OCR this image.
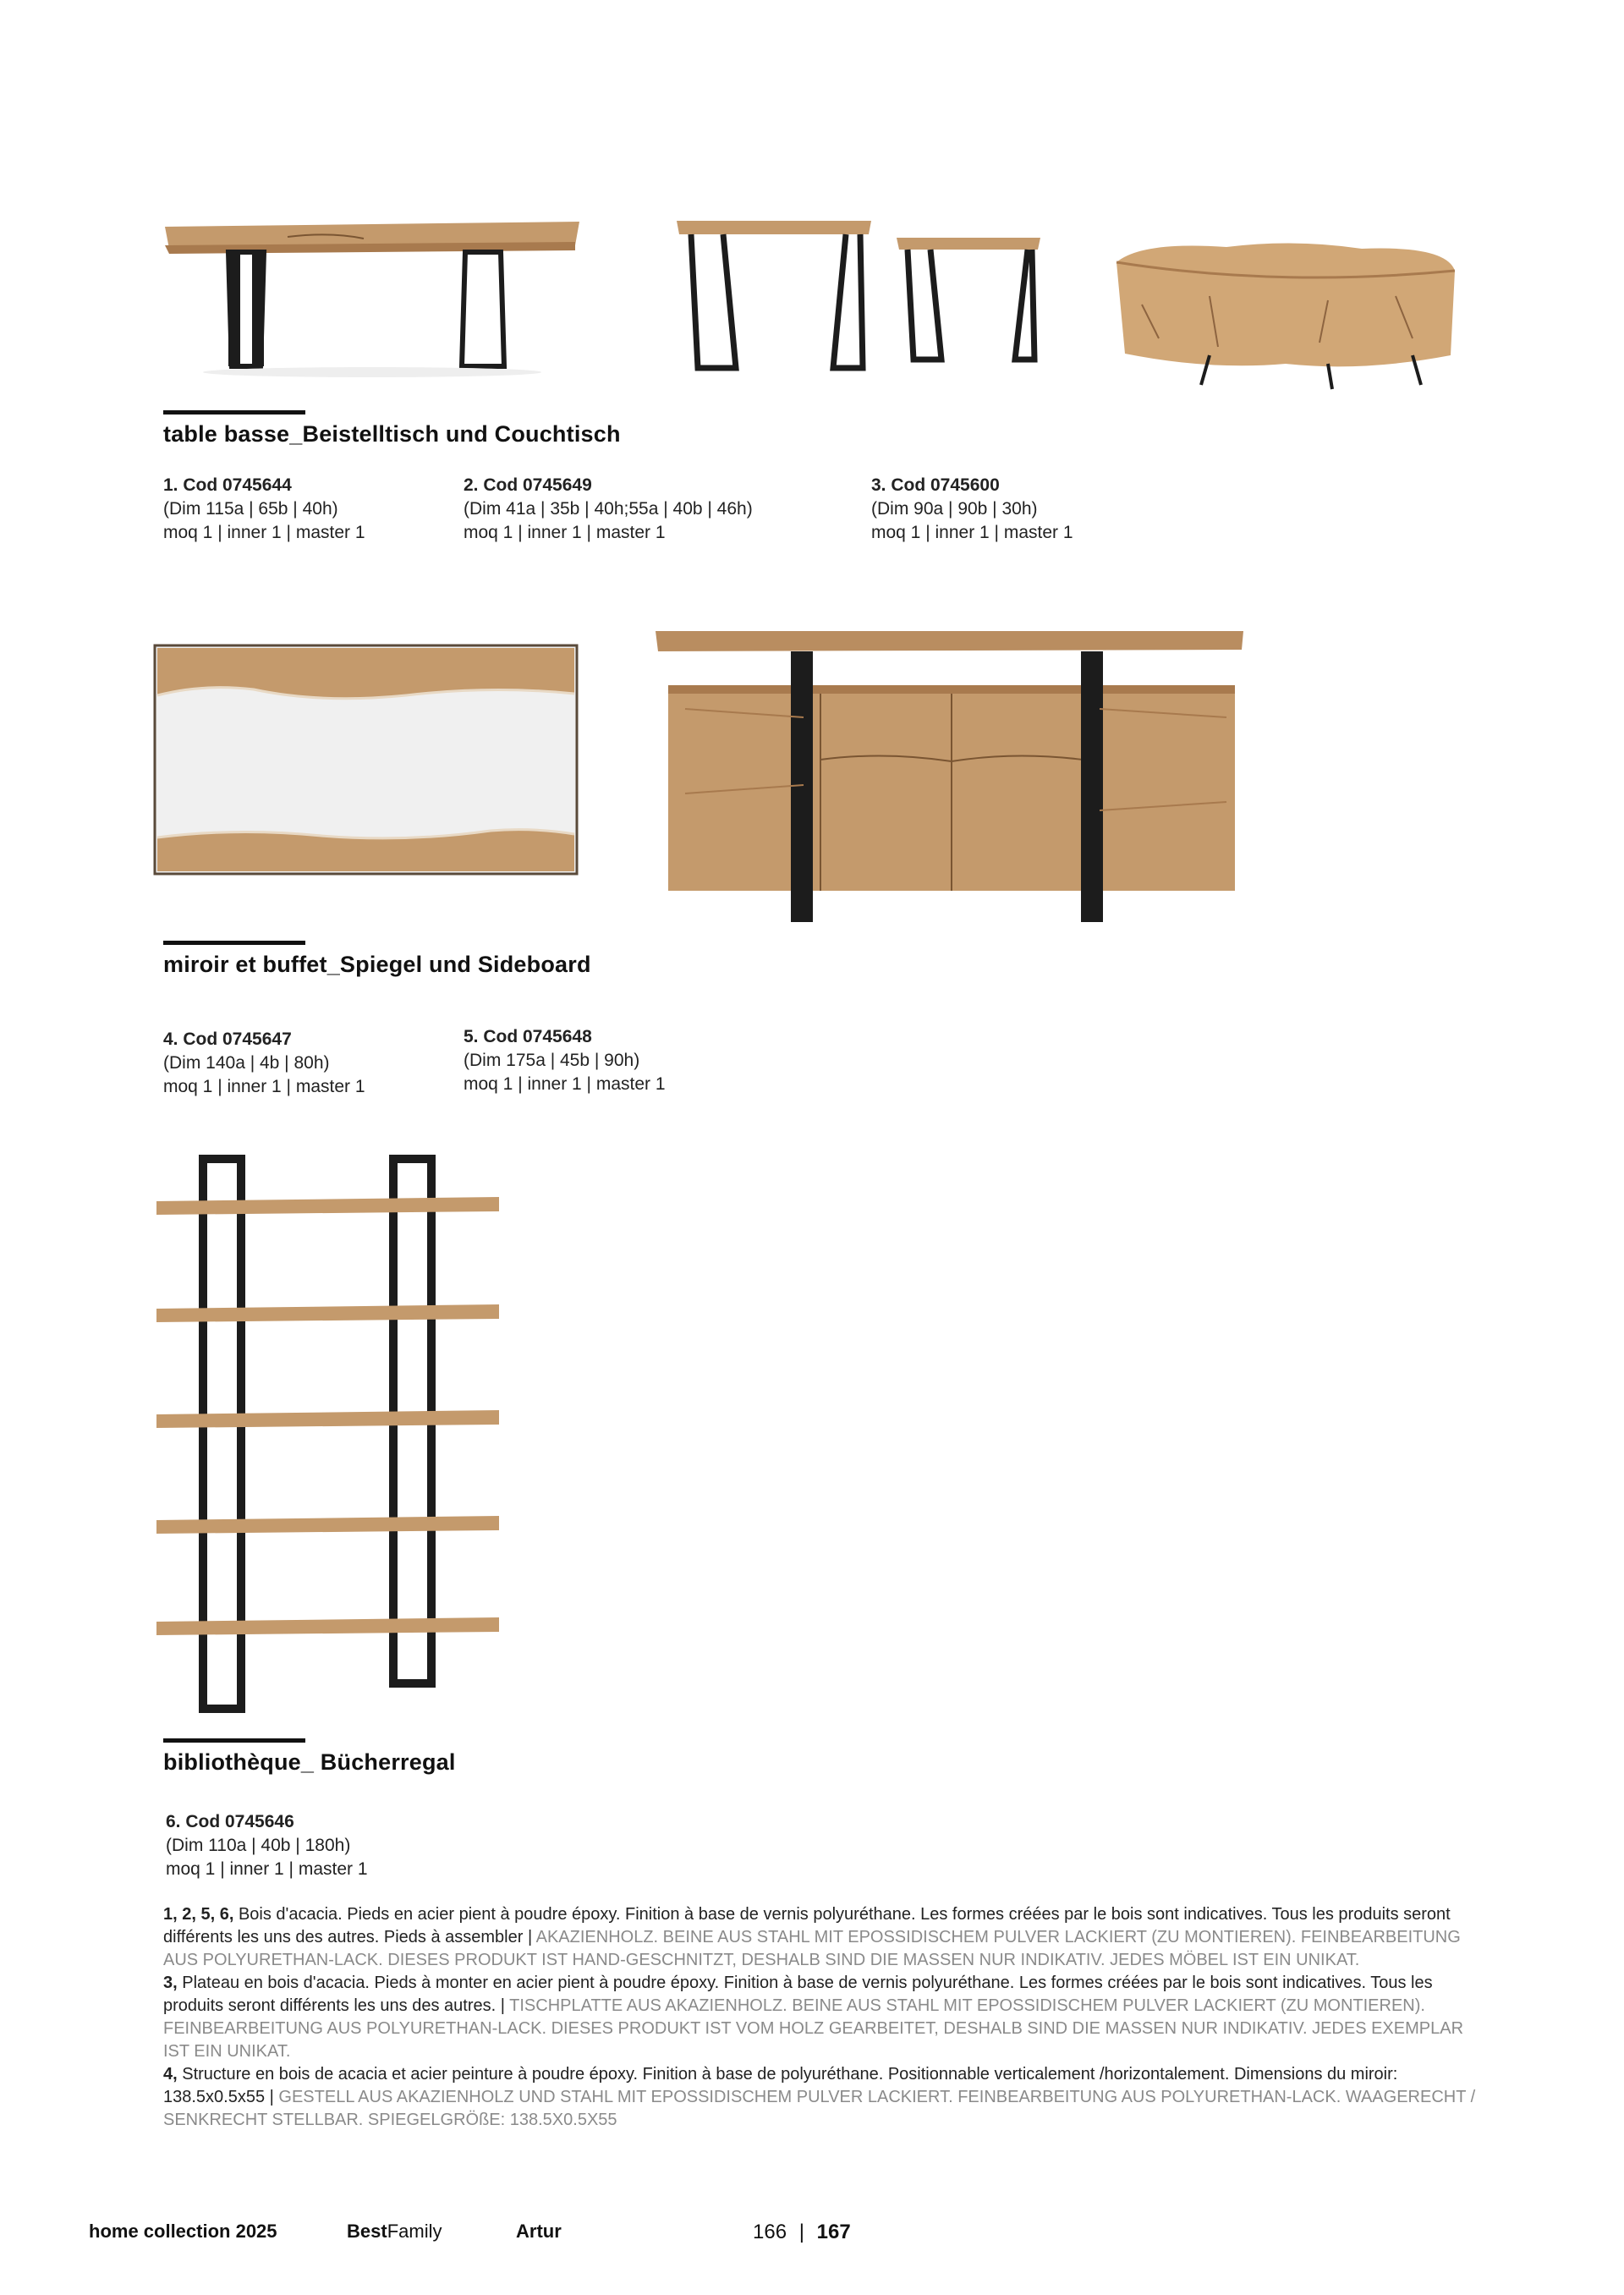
table basse_Beistelltisch und Couchtisch
1. Cod 0745644
(Dim 115a | 65b | 40h)
moq 1 | inner 1 | master 1
2. Cod 0745649
(Dim 41a | 35b | 40h;55a | 40b | 46h)
moq 1 | inner 1 | master 1
3. Cod 0745600
(Dim 90a | 90b | 30h)
moq 1 | inner 1 | master 1
miroir et buffet_Spiegel und Sideboard
4. Cod 0745647
(Dim 140a | 4b | 80h)
moq 1 | inner 1 | master 1
5. Cod 0745648
(Dim 175a | 45b | 90h)
moq 1 | inner 1 | master 1
bibliothèque_ Bücherregal
6. Cod 0745646
(Dim 110a | 40b | 180h)
moq 1 | inner 1 | master 1
1, 2, 5, 6, Bois d'acacia. Pieds en acier pient à poudre époxy. Finition à base de vernis polyuréthane. Les formes créées par le bois sont indicatives. Tous les produits seront différents les uns des autres. Pieds à assembler | AKAZIENHOLZ. BEINE AUS STAHL MIT EPOSSIDISCHEM PULVER LACKIERT (ZU MONTIEREN). FEINBEARBEITUNG AUS POLYURETHAN-LACK. DIESES PRODUKT IST HAND-GESCHNITZT, DESHALB SIND DIE MASSEN NUR INDIKATIV. JEDES MÖBEL IST EIN UNIKAT.
3, Plateau en bois d'acacia. Pieds à monter en acier pient à poudre époxy. Finition à base de vernis polyuréthane. Les formes créées par le bois sont indicatives. Tous les produits seront différents les uns des autres. | TISCHPLATTE AUS AKAZIENHOLZ. BEINE AUS STAHL MIT EPOSSIDISCHEM PULVER LACKIERT (ZU MONTIEREN). FEINBEARBEITUNG AUS POLYURETHAN-LACK. DIESES PRODUKT IST VOM HOLZ GEARBEITET, DESHALB SIND DIE MASSEN NUR INDIKATIV. JEDES EXEMPLAR IST EIN UNIKAT.
4, Structure en bois de acacia et acier peinture à poudre époxy. Finition à base de polyuréthane. Positionnable verticalement /horizontalement. Dimensions du miroir: 138.5x0.5x55 | GESTELL AUS AKAZIENHOLZ UND STAHL MIT EPOSSIDISCHEM PULVER LACKIERT. FEINBEARBEITUNG AUS POLYURETHAN-LACK. WAAGERECHT / SENKRECHT STELLBAR. SPIEGELGRÖßE: 138.5X0.5X55
home collection 2025	BestFamily	Artur	166 | 167
